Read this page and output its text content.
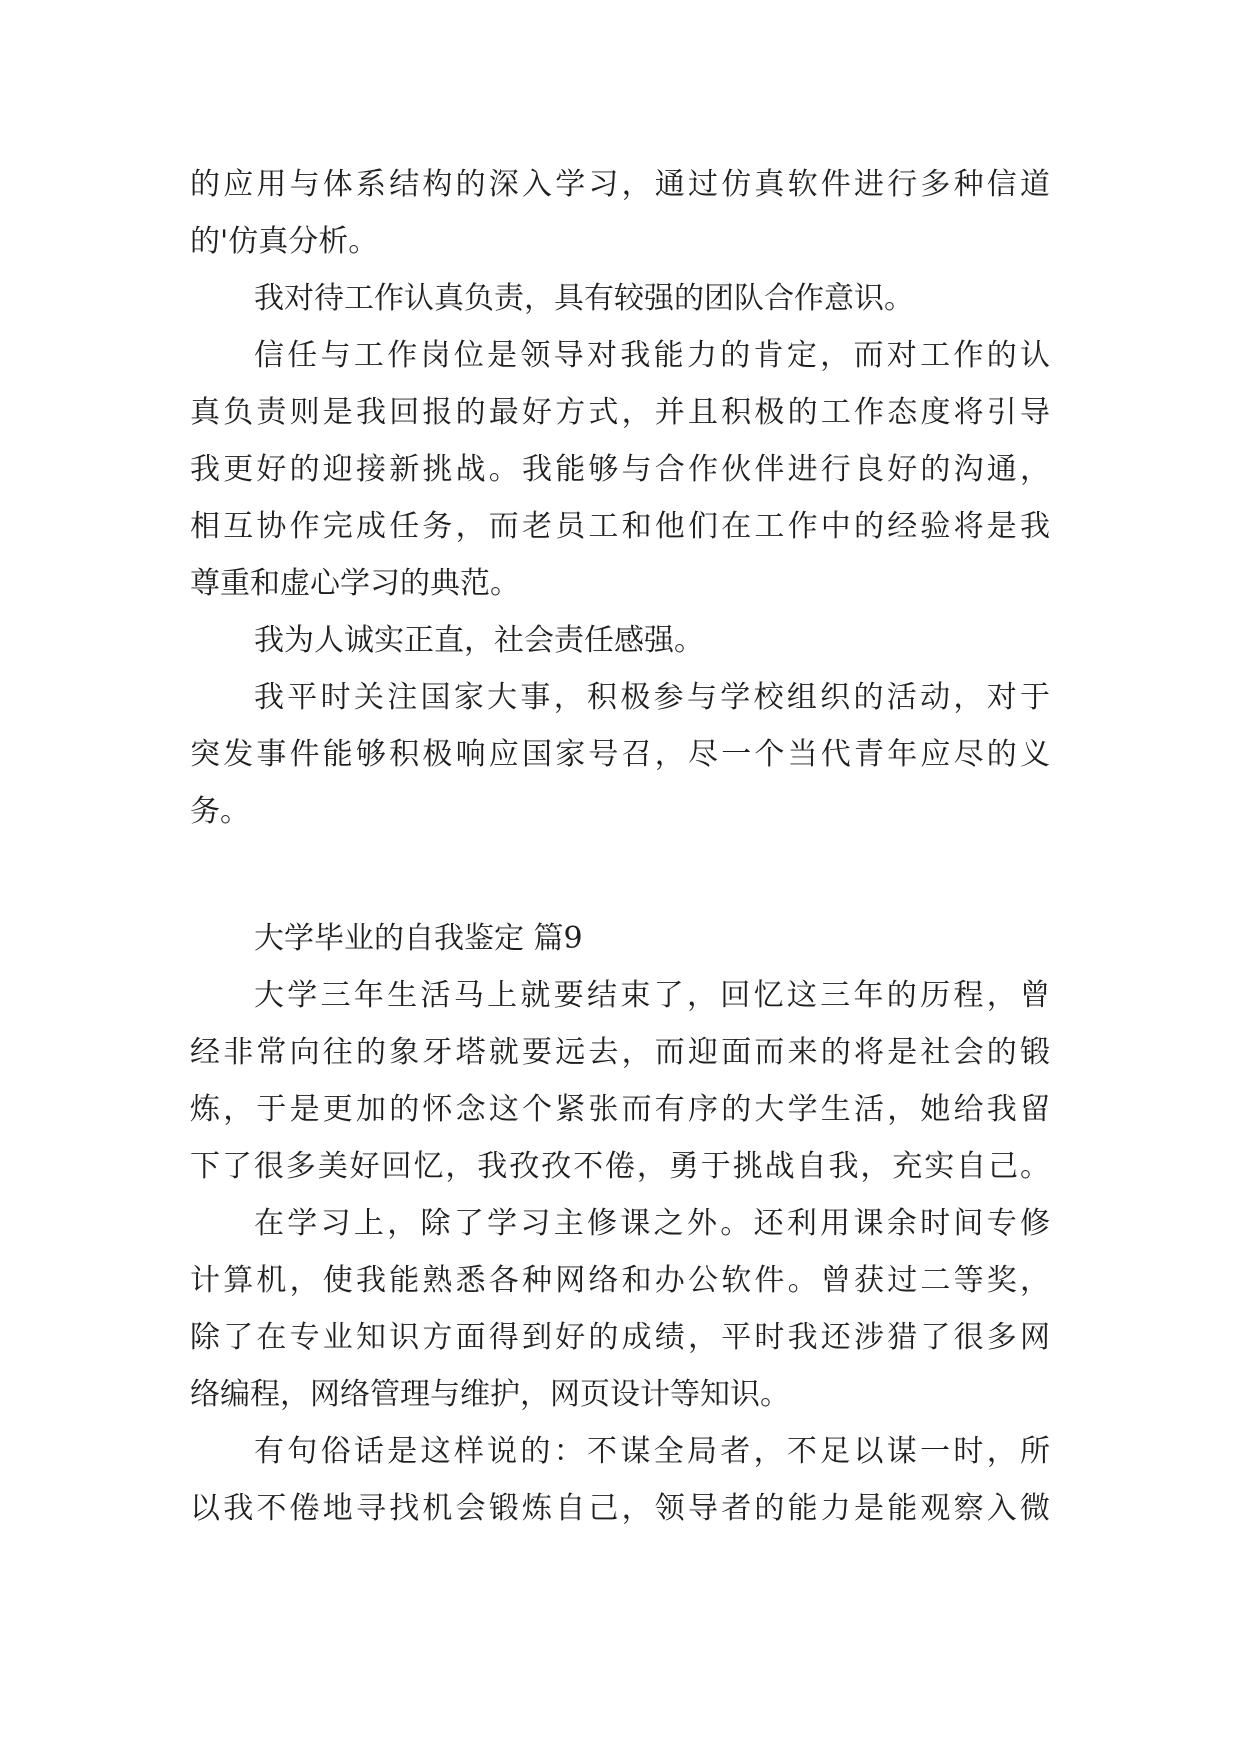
的应用与体系结构的深入学习，通过仿真软件进行多种信道
的'仿真分析。
我对待工作认真负责，具有较强的团队合作意识。
信任与工作岗位是领导对我能力的肯定，而对工作的认
真负责则是我回报的最好方式，并且积极的工作态度将引导
我更好的迎接新挑战。我能够与合作伙伴进行良好的沟通，
相互协作完成任务，而老员工和他们在工作中的经验将是我
尊重和虚心学习的典范。
我为人诚实正直，社会责任感强。
我平时关注国家大事，积极参与学校组织的活动，对于
突发事件能够积极响应国家号召，尽一个当代青年应尽的义
务。
大学毕业的自我鉴定 篇9
大学三年生活马上就要结束了，回忆这三年的历程，曾
经非常向往的象牙塔就要远去，而迎面而来的将是社会的锻
炼，于是更加的怀念这个紧张而有序的大学生活，她给我留
下了很多美好回忆，我孜孜不倦，勇于挑战自我，充实自己。
在学习上，除了学习主修课之外。还利用课余时间专修
计算机，使我能熟悉各种网络和办公软件。曾获过二等奖，
除了在专业知识方面得到好的成绩，平时我还涉猎了很多网
络编程，网络管理与维护，网页设计等知识。
有句俗话是这样说的：不谋全局者，不足以谋一时，所
以我不倦地寻找机会锻炼自己，领导者的能力是能观察入微
